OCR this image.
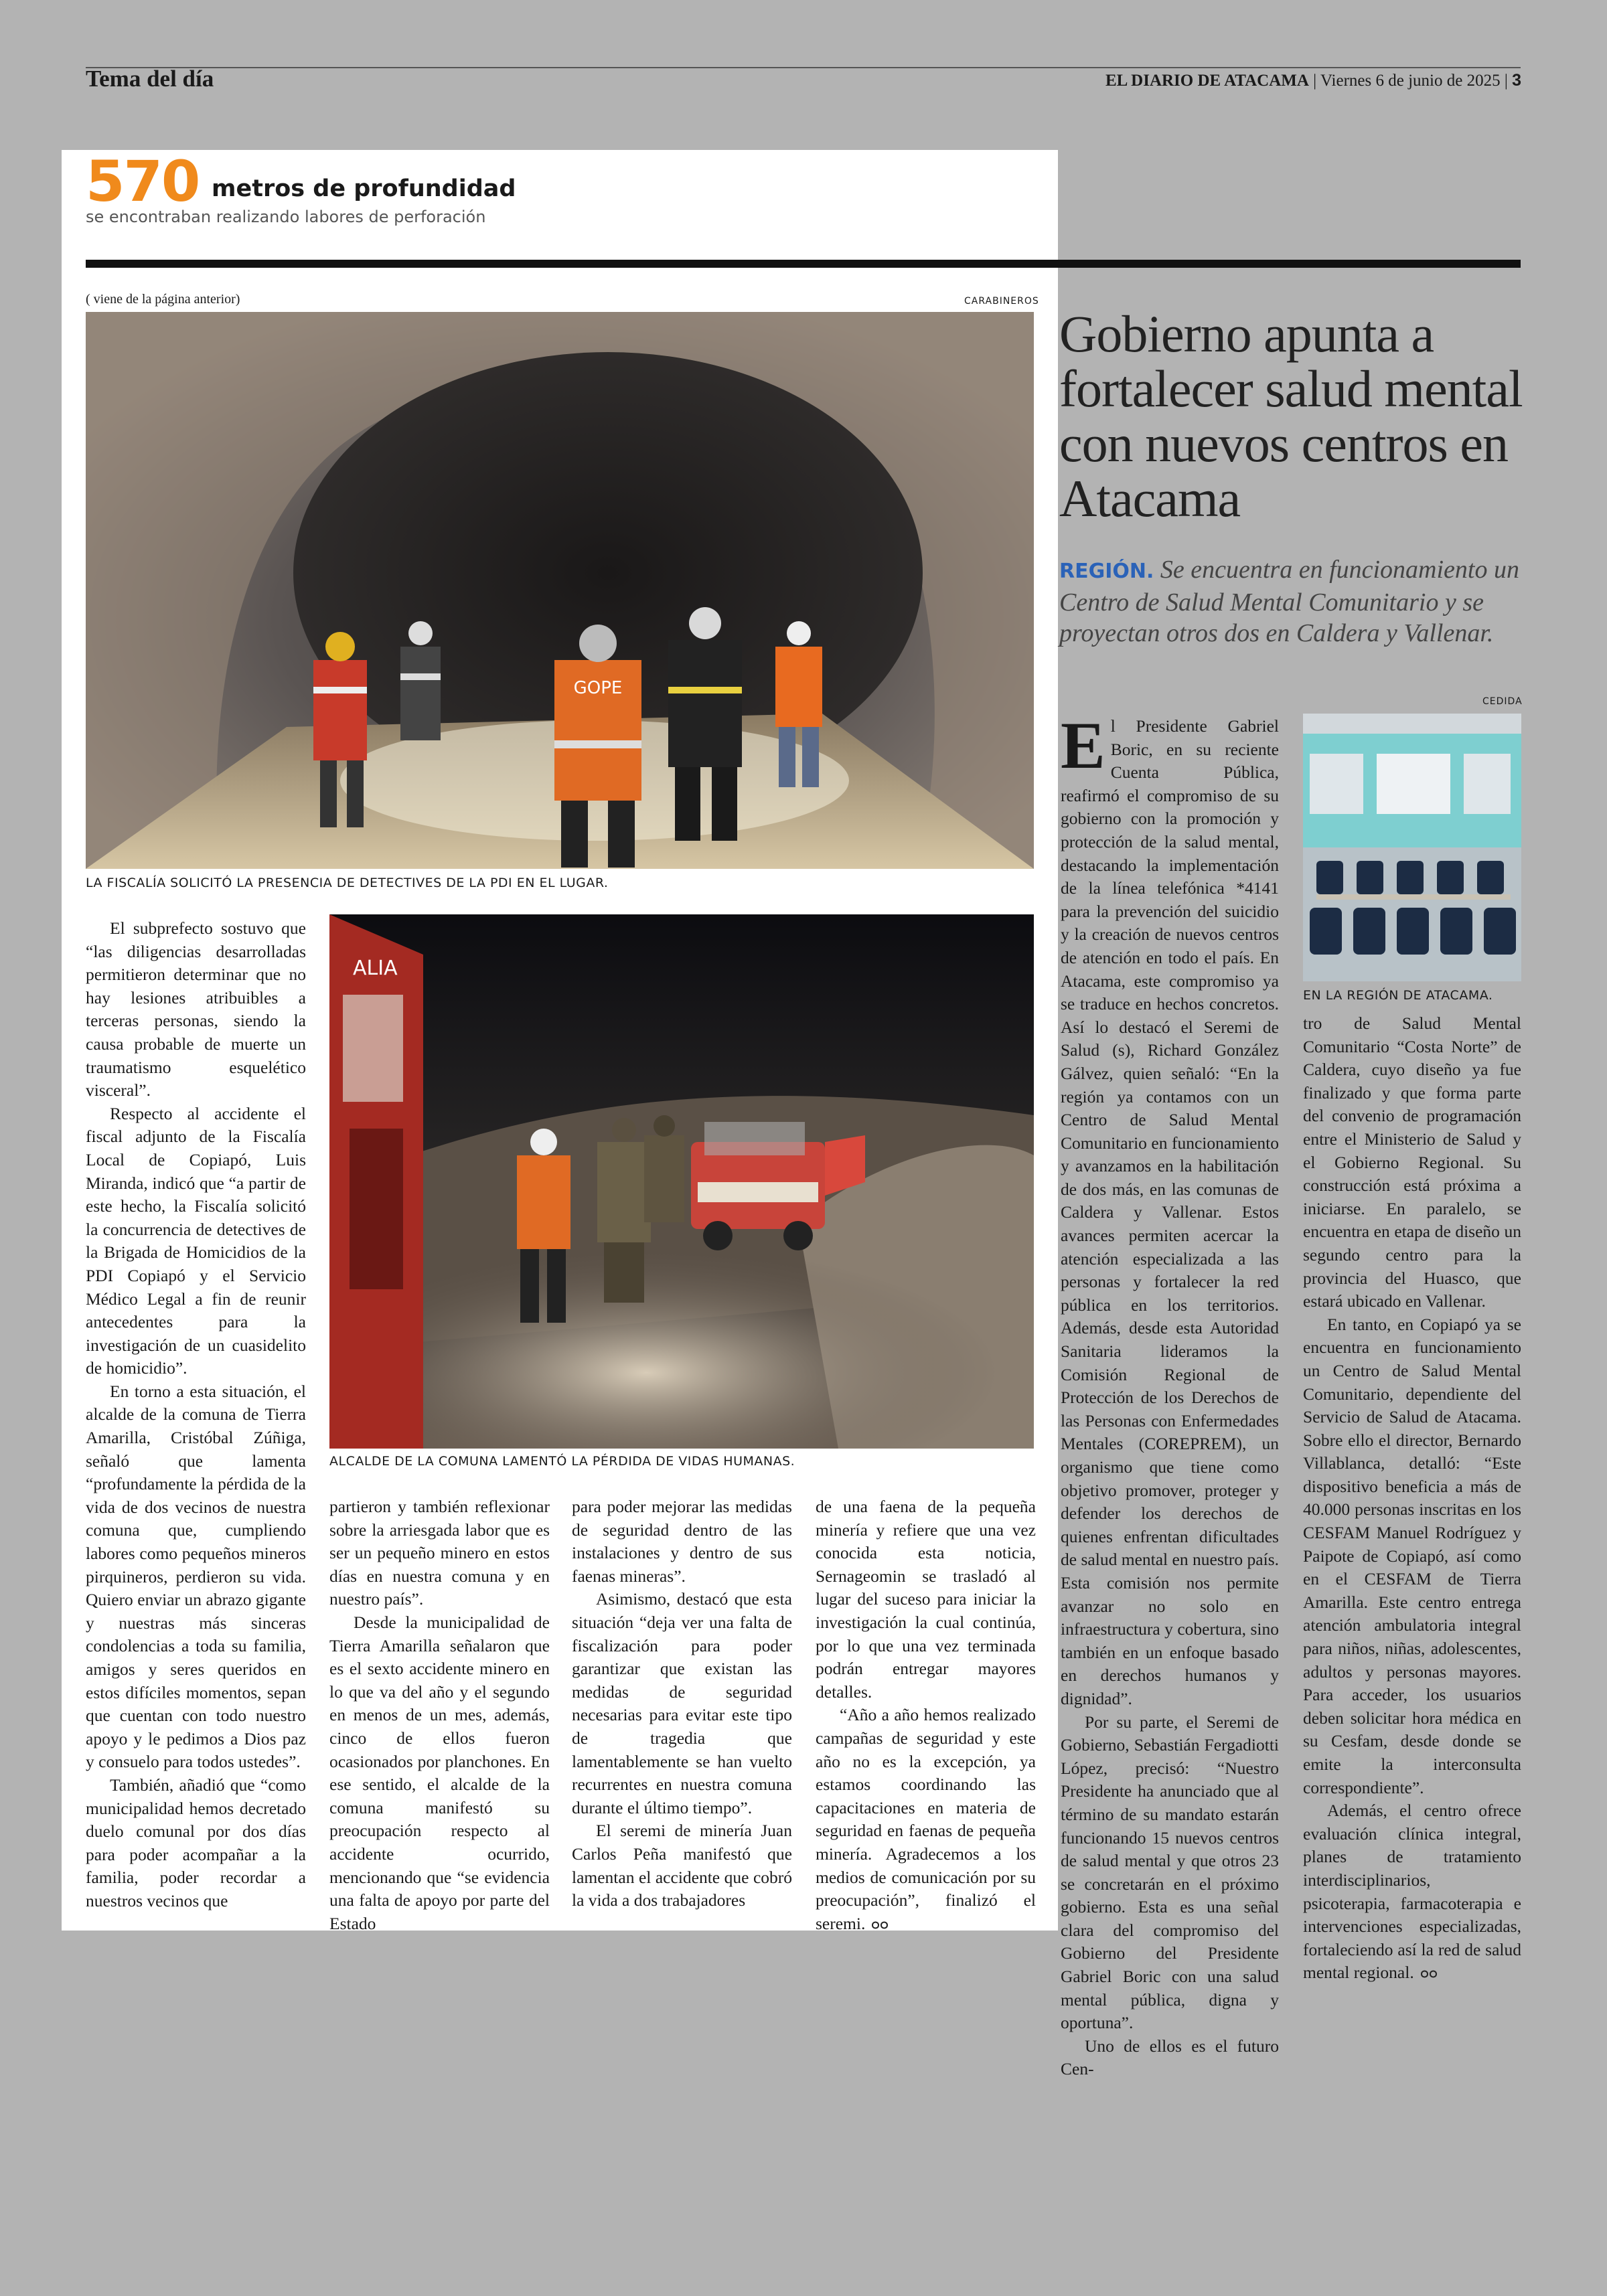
Tema del día	EL DIARIO DE ATACAMA | Viernes 6 de junio de 2025 | 3
570 metros de profundidad
se encontraban realizando labores de perforación
( viene de la página anterior)	CARABINEROS
GOPE
LA FISCALÍA SOLICITÓ LA PRESENCIA DE DETECTIVES DE LA PDI EN EL LUGAR.
ALIA
ALCALDE DE LA COMUNA LAMENTÓ LA PÉRDIDA DE VIDAS HUMANAS.

El subprefecto sostuvo que “las diligencias desarrolladas permitieron determinar que no hay lesiones atribuibles a terceras personas, siendo la causa probable de muerte un traumatismo esquelético visceral”.

Respecto al accidente el fiscal adjunto de la Fiscalía Local de Copiapó, Luis Miranda, indicó que “a partir de este hecho, la Fiscalía solicitó la concurrencia de detectives de la Brigada de Homicidios de la PDI Copiapó y el Servicio Médico Legal a fin de reunir antecedentes para la investigación de un cuasidelito de homicidio”.

En torno a esta situación, el alcalde de la comuna de Tierra Amarilla, Cristóbal Zúñiga, señaló que lamenta “profundamente la pérdida de la vida de dos vecinos de nuestra comuna que, cumpliendo labores como pequeños mineros pirquineros, perdieron su vida. Quiero enviar un abrazo gigante y nuestras más sinceras condolencias a toda su familia, amigos y seres queridos en estos difíciles momentos, sepan que cuentan con todo nuestro apoyo y le pedimos a Dios paz y consuelo para todos ustedes”.

También, añadió que “como municipalidad hemos decretado duelo comunal por dos días para poder acompañar a la familia, poder recordar a nuestros vecinos que

partieron y también reflexionar sobre la arriesgada labor que es ser un pequeño minero en estos días en nuestra comuna y en nuestro país”.

Desde la municipalidad de Tierra Amarilla señalaron que es el sexto accidente minero en lo que va del año y el segundo en menos de un mes, además, cinco de ellos fueron ocasionados por planchones. En ese sentido, el alcalde de la comuna manifestó su preocupación respecto al accidente ocurrido, mencionando que “se evidencia una falta de apoyo por parte del Estado

para poder mejorar las medidas de seguridad dentro de las instalaciones y dentro de sus faenas mineras”.

Asimismo, destacó que esta situación “deja ver una falta de fiscalización para poder garantizar que existan las medidas de seguridad necesarias para evitar este tipo de tragedia que lamentablemente se han vuelto recurrentes en nuestra comuna durante el último tiempo”.

El seremi de minería Juan Carlos Peña manifestó que lamentan el accidente que cobró la vida a dos trabajadores

de una faena de la pequeña minería y refiere que una vez conocida esta noticia, Sernageomin se trasladó al lugar del suceso para iniciar la investigación la cual continúa, por lo que una vez terminada podrán entregar mayores detalles.

“Año a año hemos realizado campañas de seguridad y este año no es la excepción, ya estamos coordinando las capacitaciones en materia de seguridad en faenas de pequeña minería. Agradecemos a los medios de comunicación por su preocupación”, finalizó el seremi.

Gobierno apunta a fortalecer salud mental con nuevos centros en Atacama
REGIÓN. Se encuentra en funcionamiento un Centro de Salud Mental Comunitario y se proyectan otros dos en Caldera y Vallenar.
CEDIDA
EN LA REGIÓN DE ATACAMA.

El Presidente Gabriel Boric, en su reciente Cuenta Pública, reafirmó el compromiso de su gobierno con la promoción y protección de la salud mental, destacando la implementación de la línea telefónica *4141 para la prevención del suicidio y la creación de nuevos centros de atención en todo el país. En Atacama, este compromiso ya se traduce en hechos concretos. Así lo destacó el Seremi de Salud (s), Richard González Gálvez, quien señaló: “En la región ya contamos con un Centro de Salud Mental Comunitario en funcionamiento y avanzamos en la habilitación de dos más, en las comunas de Caldera y Vallenar. Estos avances permiten acercar la atención especializada a las personas y fortalecer la red pública en los territorios. Además, desde esta Autoridad Sanitaria lideramos la Comisión Regional de Protección de los Derechos de las Personas con Enfermedades Mentales (COREPREM), un organismo que tiene como objetivo promover, proteger y defender los derechos de quienes enfrentan dificultades de salud mental en nuestro país. Esta comisión nos permite avanzar no solo en infraestructura y cobertura, sino también en un enfoque basado en derechos humanos y dignidad”.

Por su parte, el Seremi de Gobierno, Sebastián Fergadiotti López, precisó: “Nuestro Presidente ha anunciado que al término de su mandato estarán funcionando 15 nuevos centros de salud mental y que otros 23 se concretarán en el próximo gobierno. Esta es una señal clara del compromiso del Gobierno del Presidente Gabriel Boric con una salud mental pública, digna y oportuna”.

Uno de ellos es el futuro Cen-

tro de Salud Mental Comunitario “Costa Norte” de Caldera, cuyo diseño ya fue finalizado y que forma parte del convenio de programación entre el Ministerio de Salud y el Gobierno Regional. Su construcción está próxima a iniciarse. En paralelo, se encuentra en etapa de diseño un segundo centro para la provincia del Huasco, que estará ubicado en Vallenar.

En tanto, en Copiapó ya se encuentra en funcionamiento un Centro de Salud Mental Comunitario, dependiente del Servicio de Salud de Atacama. Sobre ello el director, Bernardo Villablanca, detalló: “Este dispositivo beneficia a más de 40.000 personas inscritas en los CESFAM Manuel Rodríguez y Paipote de Copiapó, así como en el CESFAM de Tierra Amarilla. Este centro entrega atención ambulatoria integral para niños, niñas, adolescentes, adultos y personas mayores. Para acceder, los usuarios deben solicitar hora médica en su Cesfam, desde donde se emite la interconsulta correspondiente”.

Además, el centro ofrece evaluación clínica integral, planes de tratamiento interdisciplinarios, psicoterapia, farmacoterapia e intervenciones especializadas, fortaleciendo así la red de salud mental regional.
